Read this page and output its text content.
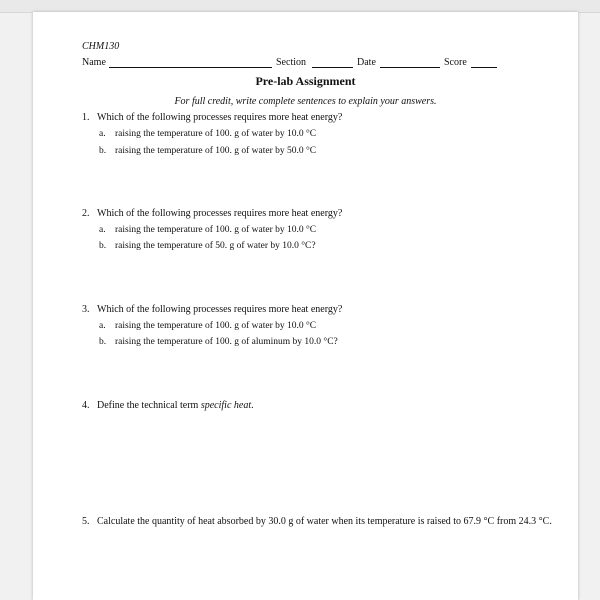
CHM130
Name	Section	Date	Score
Pre-lab Assignment
For full credit, write complete sentences to explain your answers.
1. Which of the following processes requires more heat energy?
a. raising the temperature of 100. g of water by 10.0 °C
b. raising the temperature of 100. g of water by 50.0 °C
2. Which of the following processes requires more heat energy?
a. raising the temperature of 100. g of water by 10.0 °C
b. raising the temperature of 50. g of water by 10.0 °C?
3. Which of the following processes requires more heat energy?
a. raising the temperature of 100. g of water by 10.0 °C
b. raising the temperature of 100. g of aluminum by 10.0 °C?
4. Define the technical term specific heat.
5. Calculate the quantity of heat absorbed by 30.0 g of water when its temperature is raised to 67.9 °C from 24.3 °C.
